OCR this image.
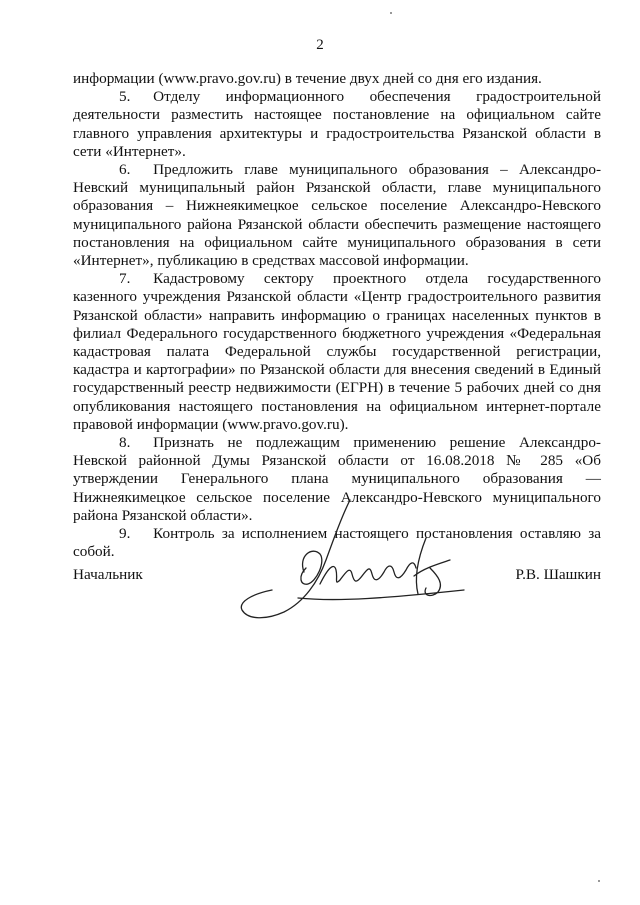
2

информации (www.pravo.gov.ru) в течение двух дней со дня его издания.

5.   Отделу информационного обеспечения градостроительной деятельности разместить настоящее постановление на официальном сайте главного управления архитектуры и градостроительства Рязанской области в сети «Интернет».

6.   Предложить главе муниципального образования – Александро-Невский муниципальный район Рязанской области, главе муниципального образования – Нижнеякимецкое сельское поселение Александро-Невского муниципального района Рязанской области обеспечить размещение настоящего постановления на официальном сайте муниципального образования в сети «Интернет», публикацию в средствах массовой информации.

7.   Кадастровому сектору проектного отдела государственного казенного учреждения Рязанской области «Центр градостроительного развития Рязанской области» направить информацию о границах населенных пунктов в филиал Федерального государственного бюджетного учреждения «Федеральная кадастровая палата Федеральной службы государственной регистрации, кадастра и картографии» по Рязанской области для внесения сведений в Единый государственный реестр недвижимости (ЕГРН) в течение 5 рабочих дней со дня опубликования настоящего постановления на официальном интернет-портале правовой информации (www.pravo.gov.ru).

8.   Признать не подлежащим применению решение Александро-Невской районной Думы Рязанской области от 16.08.2018 № 285 «Об утверждении Генерального плана муниципального образования — Нижнеякимецкое сельское поселение Александро-Невского муниципального района Рязанской области».

9.   Контроль за исполнением настоящего постановления оставляю за собой.

Начальник	Р.В. Шашкин
